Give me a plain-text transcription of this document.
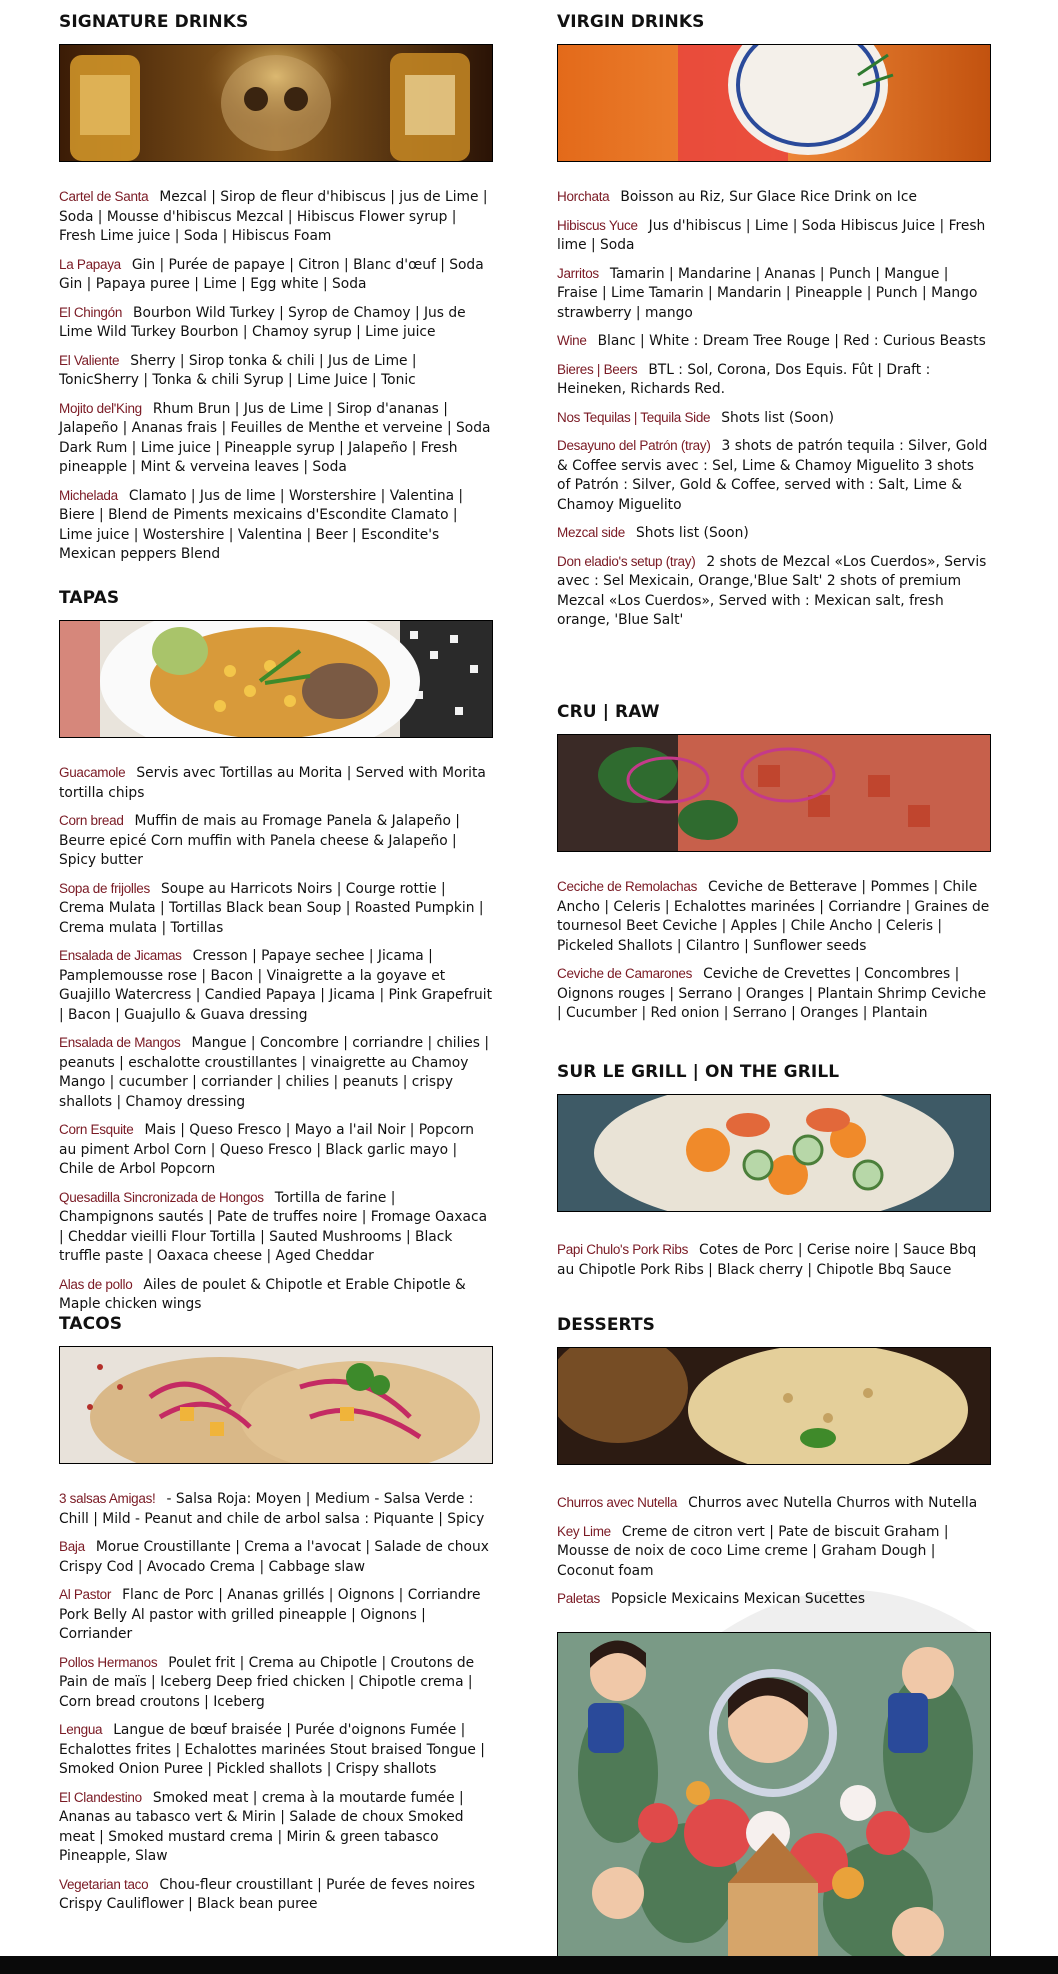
SIGNATURE DRINKS

Cartel de Santa Mezcal | Sirop de fleur d'hibiscus | jus de Lime | Soda | Mousse d'hibiscus Mezcal | Hibiscus Flower syrup | Fresh Lime juice | Soda | Hibiscus Foam

La Papaya Gin | Purée de papaye | Citron | Blanc d'œuf | Soda Gin | Papaya puree | Lime | Egg white | Soda

El Chingón Bourbon Wild Turkey | Syrop de Chamoy | Jus de Lime Wild Turkey Bourbon | Chamoy syrup | Lime juice

El Valiente Sherry | Sirop tonka & chili | Jus de Lime | TonicSherry | Tonka & chili Syrup | Lime Juice | Tonic

Mojito del'King Rhum Brun | Jus de Lime | Sirop d'ananas | Jalapeño | Ananas frais | Feuilles de Menthe et verveine | Soda Dark Rum | Lime juice | Pineapple syrup | Jalapeño | Fresh pineapple | Mint & verveina leaves | Soda

Michelada Clamato | Jus de lime | Worstershire | Valentina | Biere | Blend de Piments mexicains d'Escondite Clamato | Lime juice | Wostershire | Valentina | Beer | Escondite's Mexican peppers Blend

TAPAS

Guacamole Servis avec Tortillas au Morita | Served with Morita tortilla chips

Corn bread Muffin de mais au Fromage Panela & Jalapeño | Beurre epicé Corn muffin with Panela cheese & Jalapeño | Spicy butter

Sopa de frijolles Soupe au Harricots Noirs | Courge rottie | Crema Mulata | Tortillas Black bean Soup | Roasted Pumpkin | Crema mulata | Tortillas

Ensalada de Jicamas Cresson | Papaye sechee | Jicama | Pamplemousse rose | Bacon | Vinaigrette a la goyave et Guajillo Watercress | Candied Papaya | Jicama | Pink Grapefruit | Bacon | Guajullo & Guava dressing

Ensalada de Mangos Mangue | Concombre | corriandre | chilies | peanuts | eschalotte croustillantes | vinaigrette au Chamoy Mango | cucumber | corriander | chilies | peanuts | crispy shallots | Chamoy dressing

Corn Esquite Mais | Queso Fresco | Mayo a l'ail Noir | Popcorn au piment Arbol Corn | Queso Fresco | Black garlic mayo | Chile de Arbol Popcorn

Quesadilla Sincronizada de Hongos Tortilla de farine | Champignons sautés | Pate de truffes noire | Fromage Oaxaca | Cheddar vieilli Flour Tortilla | Sauted Mushrooms | Black truffle paste | Oaxaca cheese | Aged Cheddar

Alas de pollo Ailes de poulet & Chipotle et Erable Chipotle & Maple chicken wings

TACOS

3 salsas Amigas! - Salsa Roja: Moyen | Medium - Salsa Verde : Chill | Mild - Peanut and chile de arbol salsa : Piquante | Spicy

Baja Morue Croustillante | Crema a l'avocat | Salade de choux Crispy Cod | Avocado Crema | Cabbage slaw

Al Pastor Flanc de Porc | Ananas grillés | Oignons | Corriandre Pork Belly Al pastor with grilled pineapple | Oignons | Corriander

Pollos Hermanos Poulet frit | Crema au Chipotle | Croutons de Pain de maïs | Iceberg Deep fried chicken | Chipotle crema | Corn bread croutons | Iceberg

Lengua Langue de bœuf braisée | Purée d'oignons Fumée | Echalottes frites | Echalottes marinées Stout braised Tongue | Smoked Onion Puree | Pickled shallots | Crispy shallots

El Clandestino Smoked meat | crema à la moutarde fumée | Ananas au tabasco vert & Mirin | Salade de choux Smoked meat | Smoked mustard crema | Mirin & green tabasco Pineapple, Slaw

Vegetarian taco Chou-fleur croustillant | Purée de feves noires Crispy Cauliflower | Black bean puree

VIRGIN DRINKS

Horchata Boisson au Riz, Sur Glace Rice Drink on Ice

Hibiscus Yuce Jus d'hibiscus | Lime | Soda Hibiscus Juice | Fresh lime | Soda

Jarritos Tamarin | Mandarine | Ananas | Punch | Mangue | Fraise | Lime Tamarin | Mandarin | Pineapple | Punch | Mango strawberry | mango

Wine Blanc | White : Dream Tree Rouge | Red : Curious Beasts

Bieres | Beers BTL : Sol, Corona, Dos Equis. Fût | Draft : Heineken, Richards Red.

Nos Tequilas | Tequila Side Shots list (Soon)

Desayuno del Patrón (tray) 3 shots de patrón tequila : Silver, Gold & Coffee servis avec : Sel, Lime & Chamoy Miguelito 3 shots of Patrón : Silver, Gold & Coffee, served with : Salt, Lime & Chamoy Miguelito

Mezcal side Shots list (Soon)

Don eladio's setup (tray) 2 shots de Mezcal «Los Cuerdos», Servis avec : Sel Mexicain, Orange,'Blue Salt' 2 shots of premium Mezcal «Los Cuerdos», Served with : Mexican salt, fresh orange, 'Blue Salt'

CRU | RAW

Ceciche de Remolachas Ceviche de Betterave | Pommes | Chile Ancho | Celeris | Echalottes marinées | Corriandre | Graines de tournesol Beet Ceviche | Apples | Chile Ancho | Celeris | Pickeled Shallots | Cilantro | Sunflower seeds

Ceviche de Camarones Ceviche de Crevettes | Concombres | Oignons rouges | Serrano | Oranges | Plantain Shrimp Ceviche | Cucumber | Red onion | Serrano | Oranges | Plantain

SUR LE GRILL | ON THE GRILL

Papi Chulo's Pork Ribs Cotes de Porc | Cerise noire | Sauce Bbq au Chipotle Pork Ribs | Black cherry | Chipotle Bbq Sauce

DESSERTS

Churros avec Nutella Churros avec Nutella Churros with Nutella

Key Lime Creme de citron vert | Pate de biscuit Graham | Mousse de noix de coco Lime creme | Graham Dough | Coconut foam

Paletas Popsicle Mexicains Mexican Sucettes
